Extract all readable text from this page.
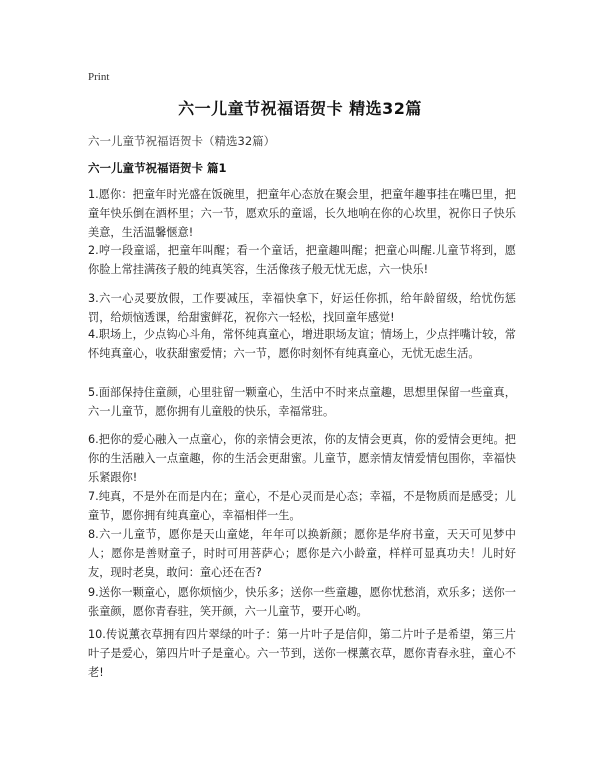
Print
六一儿童节祝福语贺卡 精选32篇
六一儿童节祝福语贺卡（精选32篇）
六一儿童节祝福语贺卡 篇1

1.愿你：把童年时光盛在饭碗里，把童年心态放在聚会里，把童年趣事挂在嘴巴里，把童年快乐倒在酒杯里；六一节，愿欢乐的童谣，长久地响在你的心坎里，祝你日子快乐美意，生活温馨惬意!

2.哼一段童谣，把童年叫醒；看一个童话，把童趣叫醒；把童心叫醒.儿童节将到，愿你脸上常挂满孩子般的纯真笑容，生活像孩子般无忧无虑，六一快乐!

3.六一心灵要放假，工作要减压，幸福快拿下，好运任你抓，给年龄留级，给忧伤惩罚，给烦恼透课，给甜蜜鲜花，祝你六一轻松，找回童年感觉!

4.职场上，少点钩心斗角，常怀纯真童心，增进职场友谊；情场上，少点拌嘴计较，常怀纯真童心，收获甜蜜爱情；六一节，愿你时刻怀有纯真童心，无忧无虑生活。

5.面部保持住童颜，心里驻留一颗童心，生活中不时来点童趣，思想里保留一些童真，六一儿童节，愿你拥有儿童般的快乐，幸福常驻。

6.把你的爱心融入一点童心，你的亲情会更浓，你的友情会更真，你的爱情会更纯。把你的生活融入一点童趣，你的生活会更甜蜜。儿童节，愿亲情友情爱情包围你，幸福快乐紧跟你!

7.纯真，不是外在而是内在；童心，不是心灵而是心态；幸福，不是物质而是感受；儿童节，愿你拥有纯真童心，幸福相伴一生。

8.六一儿童节，愿你是天山童姥，年年可以换新颜；愿你是华府书童，天天可见梦中人；愿你是善财童子，时时可用菩萨心；愿你是六小龄童，样样可显真功夫！儿时好友，现时老臭，敢问：童心还在否?

9.送你一颗童心，愿你烦恼少，快乐多；送你一些童趣，愿你忧愁消，欢乐多；送你一张童颜，愿你青春驻，笑开颜，六一儿童节，要开心哟。

10.传说薰衣草拥有四片翠绿的叶子：第一片叶子是信仰，第二片叶子是希望，第三片叶子是爱心，第四片叶子是童心。六一节到，送你一棵薰衣草，愿你青春永驻，童心不老!
